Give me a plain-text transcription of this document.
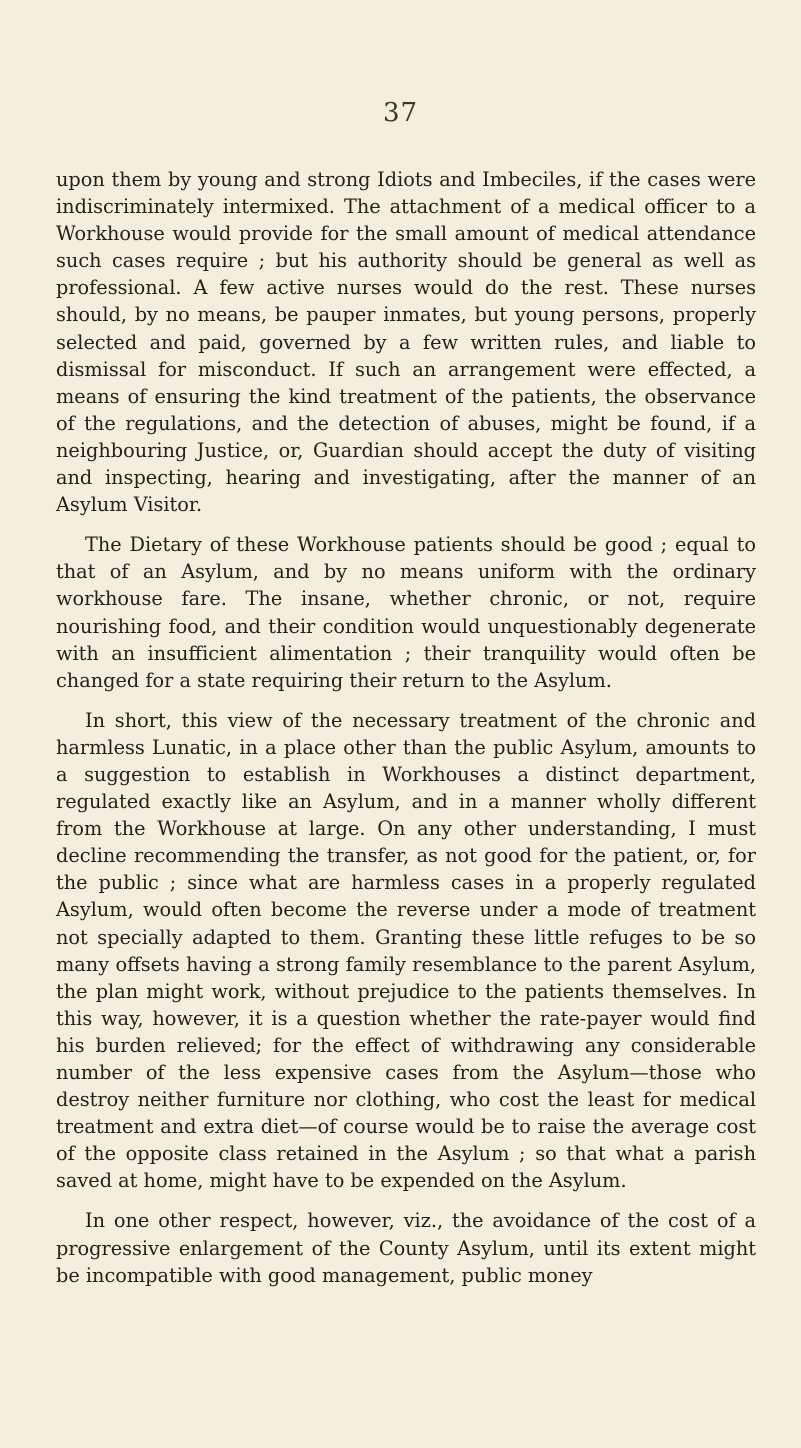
37

upon them by young and strong Idiots and Imbeciles, if the cases were indiscriminately intermixed. The attachment of a medical officer to a Workhouse would provide for the small amount of medical attendance such cases require ; but his authority should be general as well as professional. A few active nurses would do the rest. These nurses should, by no means, be pauper inmates, but young persons, properly selected and paid, governed by a few written rules, and liable to dismissal for misconduct. If such an arrangement were effected, a means of ensuring the kind treatment of the patients, the observance of the regulations, and the detection of abuses, might be found, if a neighbouring Justice, or, Guardian should accept the duty of visiting and inspecting, hearing and investigating, after the manner of an Asylum Visitor.

The Dietary of these Workhouse patients should be good ; equal to that of an Asylum, and by no means uniform with the ordinary workhouse fare. The insane, whether chronic, or not, require nourishing food, and their condition would unquestionably degenerate with an insufficient alimentation ; their tranquility would often be changed for a state requiring their return to the Asylum.

In short, this view of the necessary treatment of the chronic and harmless Lunatic, in a place other than the public Asylum, amounts to a suggestion to establish in Workhouses a distinct department, regulated exactly like an Asylum, and in a manner wholly different from the Workhouse at large. On any other understanding, I must decline recommending the transfer, as not good for the patient, or, for the public ; since what are harmless cases in a properly regulated Asylum, would often become the reverse under a mode of treatment not specially adapted to them. Granting these little refuges to be so many offsets having a strong family resemblance to the parent Asylum, the plan might work, without prejudice to the patients themselves. In this way, however, it is a question whether the rate-payer would find his burden relieved; for the effect of withdrawing any considerable number of the less expensive cases from the Asylum—those who destroy neither furniture nor clothing, who cost the least for medical treatment and extra diet—of course would be to raise the average cost of the opposite class retained in the Asylum ; so that what a parish saved at home, might have to be expended on the Asylum.

In one other respect, however, viz., the avoidance of the cost of a progressive enlargement of the County Asylum, until its extent might be incompatible with good management, public money
